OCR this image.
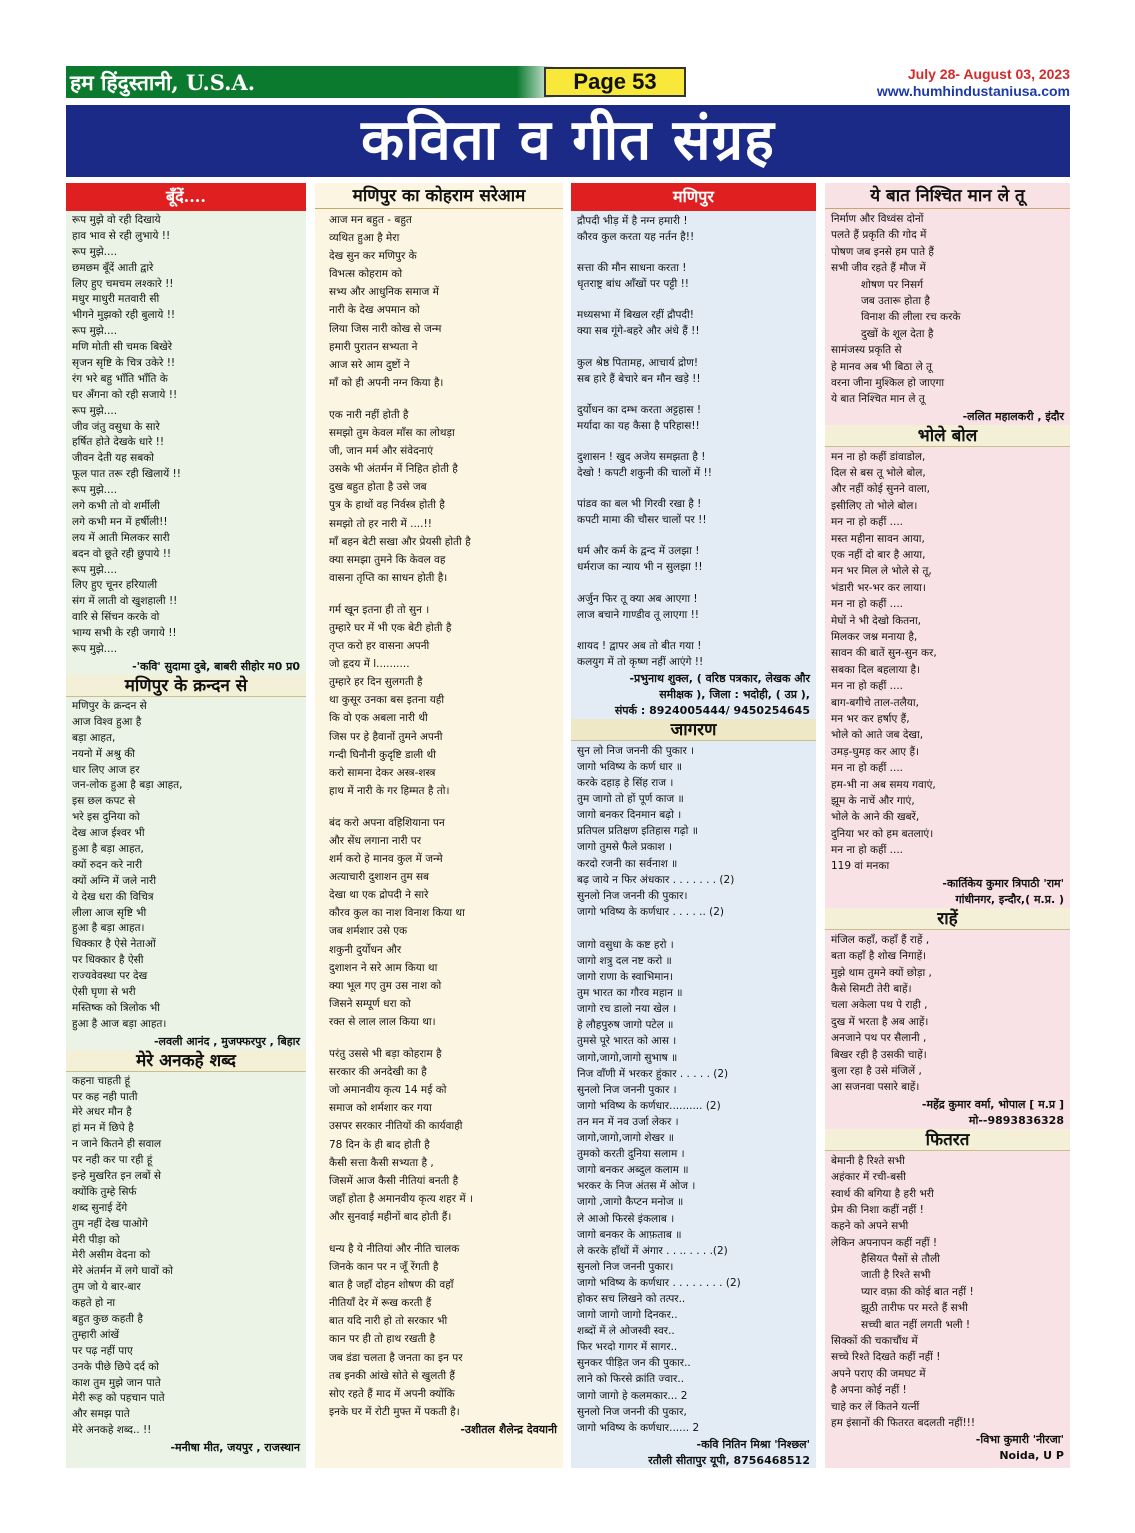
हम हिंदुस्तानी, U.S.A.	Page 53	July 28- August 03, 2023
www.humhindustaniusa.com
कविता व गीत संग्रह
बूँदें....
रूप मुझे वो रही दिखाये
हाव भाव से रही लुभाये !!
रूप मुझे....
छमछम बूँदें आती द्वारे
लिए हुए चमचम लश्कारे !!
मधुर माधुरी मतवारी सी
भीगने मुझको रही बुलाये !!
रूप मुझे....
मणि मोती सी चमक बिखेरे
सृजन सृष्टि के चित्र उकेरे !!
रंग भरे बहु भाँति भाँति के
घर अँगना को रही सजाये !!
रूप मुझे....
जीव जंतु वसुधा के सारे
हर्षित होते देखके धारे !!
जीवन देती यह सबको
फूल पात तरू रही खिलायें !!
रूप मुझे....
लगे कभी तो वो शर्मीली
लगे कभी मन में हर्षीली!!
लय में आती मिलकर सारी
बदन वो छूते रही छुपाये !!
रूप मुझे....
लिए हुए चूनर हरियाली
संग में लाती वो खुशहाली !!
वारि से सिंचन करके वो
भाग्य सभी के रही जगाये !!
रूप मुझे....
-'कवि' सुदामा दुबे, बाबरी सीहोर म0 प्र0
मणिपुर के क्रन्दन से
मणिपुर के क्रन्दन से
आज विश्व हुआ है
बड़ा आहत,
नयनो में अश्रु की
धार लिए आज हर
जन-लोक हुआ है बड़ा आहत,
इस छल कपट से
भरे इस दुनिया को
देख आज ईश्वर भी
हुआ है बड़ा आहत,
क्यों रुदन करे नारी
क्यों अग्नि में जले नारी
ये देख धरा की विचित्र
लीला आज सृष्टि भी
हुआ है बड़ा आहत।
धिक्कार है ऐसे नेताओं
पर धिक्कार है ऐसी
राज्यवेवस्था पर देख
ऐसी घृणा से भरी
मस्तिष्क को त्रिलोक भी
हुआ है आज बड़ा आहत।
-लवली आनंद , मुजफ्फरपुर , बिहार
मेरे अनकहे शब्द
कहना चाहती हूं
पर कह नही पाती
मेरे अधर मौन है
हां मन में छिपे है
न जाने कितने ही सवाल
पर नही कर पा रही हूं
इन्हे मुखरित इन लबों से
क्योंकि तुम्हे सिर्फ
शब्द सुनाई देंगे
तुम नहीं देख पाओगे
मेरी पीड़ा को
मेरी असीम वेदना को
मेरे अंतर्मन में लगे घावों को
तुम जो ये बार-बार
कहते हो ना
बहुत कुछ कहती है
तुम्हारी आंखें
पर पढ़ नहीं पाए
उनके पीछे छिपे दर्द को
काश तुम मुझे जान पाते
मेरी रूह को पहचान पाते
और समझ पाते
मेरे अनकहे शब्द.. !!
-मनीषा मीत, जयपुर , राजस्थान
मणिपुर का कोहराम सरेआम
आज मन बहुत - बहुत
व्यथित हुआ है मेरा
देख सुन कर मणिपुर के
विभत्स कोहराम को
सभ्य और आधुनिक समाज में
नारी के देख अपमान को
लिया जिस नारी कोख से जन्म
हमारी पुरातन सभ्यता ने
आज सरे आम दुष्टों ने
माँ को ही अपनी नग्न किया है।
एक नारी नहीं होती है
समझो तुम केवल माँस का लोथड़ा
जी, जान मर्म और संवेदनाएं
उसके भी अंतर्मन में निहित होती है
दुख बहुत होता है उसे जब
पुत्र के हाथों वह निर्वस्त्र होती है
समझो तो हर नारी में ....!!
माँ बहन बेटी सखा और प्रेयसी होती है
क्या समझा तुमने कि केवल वह
वासना तृप्ति का साधन होती है।
गर्म खून इतना ही तो सुन ।
तुम्हारे घर में भी एक बेटी होती है
तृप्त करो हर वासना अपनी
जो हृदय में l..........
तुम्हारे हर दिन सुलगती है
था कुसूर उनका बस इतना यही
कि वो एक अबला नारी थी
जिस पर हे हैवानों तुमने अपनी
गन्दी घिनौनी कुदृष्टि डाली थी
करो सामना देकर अस्त्र-शस्त्र
हाथ में नारी के गर हिम्मत है तो।
बंद करो अपना वहिशियाना पन
और सेंध लगाना नारी पर
शर्म करो हे मानव कुल में जन्मे
अत्याचारी दुशाशन तुम सब
देखा था एक द्रोपदी ने सारे
कौरव कुल का नाश विनाश किया था
जब शर्मशार उसे एक
शकुनी दुर्योधन और
दुशाशन ने सरे आम किया था
क्या भूल गए तुम उस नाश को
जिसने सम्पूर्ण धरा को
रक्त से लाल लाल किया था।
परंतु उससे भी बड़ा कोहराम है
सरकार की अनदेखी का है
जो अमानवीय कृत्य 14 मई को
समाज को शर्मशार कर गया
उसपर सरकार नीतियों की कार्यवाही
78 दिन के ही बाद होती है
कैसी सत्ता कैसी सभ्यता है ,
जिसमें आज कैसी नीतियां बनती है
जहाँ होता है अमानवीय कृत्य शहर में ।
और सुनवाई महीनों बाद होती हैं।
धन्य है ये नीतियां और नीति चालक
जिनके कान पर न जूँ रेंगती है
बात है जहाँ दोहन शोषण की वहाँ
नीतियाँ देर में रूख करती हैं
बात यदि नारी हो तो सरकार भी
कान पर ही तो हाथ रखती है
जब डंडा चलता है जनता का इन पर
तब इनकी आंखे सोते से खुलती हैं
सोए रहते हैं माद में अपनी क्योंकि
इनके घर में रोटी मुफ्त में पकती है।
-उशीतल शैलेन्द्र देवयानी
मणिपुर
द्रौपदी भीड़ में है नग्न हमारी !
कौरव कुल करता यह नर्तन है!!
सत्ता की मौन साधना करता !
धृतराष्ट्र बांध आँखों पर पट्टी !!
मध्यसभा में बिखल रहीं द्रौपदी!
क्या सब गूंगे-बहरे और अंधे हैं !!
कुल श्रेष्ठ पितामह, आचार्य द्रोण!
सब हारे हैं बेचारे बन मौन खड़े !!
दुर्योधन का दम्भ करता अट्टहास !
मर्यादा का यह कैसा है परिहास!!
दुशासन ! खुद अजेय समझता है !
देखो ! कपटी शकुनी की चालों में !!
पांडव का बल भी गिरवी रखा है !
कपटी मामा की चौसर चालों पर !!
धर्म और कर्म के द्वन्द में उलझा !
धर्मराज का न्याय भी न सुलझा !!
अर्जुन फिर तू क्या अब आएगा !
लाज बचाने गाण्डीव तू लाएगा !!
शायद ! द्वापर अब तो बीत गया !
कलयुग में तो कृष्ण नहीं आएंगे !!
-प्रभुनाथ शुक्ल, ( वरिष्ठ पत्रकार, लेखक और
समीक्षक ), जिला : भदोही, ( उप्र ),
संपर्क : 8924005444/ 9450254645
जागरण
सुन लो निज जननी की पुकार ।
जागो भविष्य के कर्ण धार ॥
करके दहाड़ हे सिंह राज ।
तुम जागो तो हों पूर्ण काज ॥
जागो बनकर दिनमान बढ़ो ।
प्रतिपल प्रतिक्षण इतिहास गढ़ो ॥
जागो तुमसे फैले प्रकाश ।
करदो रजनी का सर्वनाश ॥
बढ़ जाये न फिर अंधकार . . . . . . . (2)
सुनलो निज जननी की पुकार।
जागो भविष्य के कर्णधार . . . . .. (2)
जागो वसुधा के कष्ट हरो ।
जागो शत्रु दल नष्ट करो ॥
जागो राणा के स्वाभिमान।
तुम भारत का गौरव महान ॥
जागो रच डालो नया खेल ।
हे लौहपुरुष जागो पटेल ॥
तुमसे पूरे भारत को आस ।
जागो,जागो,जागो सुभाष ॥
निज वाँणी में भरकर हुंकार . . . . . (2)
सुनलो निज जननी पुकार ।
जागो भविष्य के कर्णधार.......... (2)
तन मन में नव उर्जा लेकर ।
जागो,जागो,जागो शेखर ॥
तुमको करती दुनिया सलाम ।
जागो बनकर अब्दुल कलाम ॥
भरकर के निज अंतस में ओज ।
जागो ,जागो कैप्टन मनोज ॥
ले आओ फिरसे इंकलाब ।
जागो बनकर के आफ़ताब ॥
ले करके हाँथों में अंगार . . .. . . . .(2)
सुनलो निज जननी पुकार।
जागो भविष्य के कर्णधार . . . . . . . . (2)
होकर सच लिखने को तत्पर..
जागो जागो जागो दिनकर..
शब्दों में ले ओजस्वी स्वर..
फिर भरदो गागर में सागर..
सुनकर पीड़ित जन की पुकार..
लाने को फिरसे क्रांति ज्वार..
जागो जागो हे कलमकार... 2
सुनलो निज जननी की पुकार,
जागो भविष्य के कर्णधार...... 2
-कवि नितिन मिश्रा 'निश्छल'
रतौली सीतापुर यूपी, 8756468512
ये बात निश्चित मान ले तू
निर्माण और विध्वंस दोनों
पलते हैं प्रकृति की गोद में
पोषण जब इनसे हम पाते हैं
सभी जीव रहते हैं मौज में
शोषण पर निसर्ग
जब उतारू होता है
विनाश की लीला रच करके
दुखों के शूल देता है
सामंजस्य प्रकृति से
हे मानव अब भी बिठा ले तू
वरना जीना मुश्किल हो जाएगा
ये बात निश्चित मान ले तू
-ललित महालकरी , इंदौर
भोले बोल
मन ना हो कहीं डांवाडोल,
दिल से बस तू भोले बोल,
और नहीं कोई सुनने वाला,
इसीलिए तो भोले बोल।
मन ना हो कहीं ....
मस्त महीना सावन आया,
एक नहीं दो बार है आया,
मन भर मिल ले भोले से तू,
भंडारी भर-भर कर लाया।
मन ना हो कहीं ....
मेघों ने भी देखो कितना,
मिलकर जश्न मनाया है,
सावन की बातें सुन-सुन कर,
सबका दिल बहलाया है।
मन ना हो कहीं ....
बाग-बगीचे ताल-तलैया,
मन भर कर हर्षाए हैं,
भोले को आते जब देखा,
उमड़-घुमड़ कर आए हैं।
मन ना हो कहीं ....
हम-भी ना अब समय गवाएं,
झूम के नाचें और गाएं,
भोले के आने की खबरें,
दुनिया भर को हम बतलाएं।
मन ना हो कहीं ....
119 वां मनका
-कार्तिकेय कुमार त्रिपाठी 'राम'
गांधीनगर, इन्दौर,( म.प्र. )
राहें
मंजिल कहाँ, कहाँ हैं राहें ,
बता कहाँ है शोख निगाहें।
मुझे थाम तुमने क्यों छोड़ा ,
कैसे सिमटी तेरी बाहें।
चला अकेला पथ पे राही ,
दुख में भरता है अब आहें।
अनजाने पथ पर सैलानी ,
बिखर रही है उसकी चाहें।
बुला रहा है उसे मंजिलें ,
आ सजनवा पसारे बाहें।
-महेंद्र कुमार वर्मा, भोपाल [ म.प्र ]
मो--9893836328
फितरत
बेमानी है रिश्ते सभी
अहंकार में रची-बसी
स्वार्थ की बगिया है हरी भरी
प्रेम की निशा कहीं नहीं !
कहने को अपने सभी
लेकिन अपनापन कहीं नहीं !
हैसियत पैसों से तौली
जाती है रिश्ते सभी
प्यार वफ़ा की कोई बात नहीं !
झूठी तारीफ पर मरते हैं सभी
सच्ची बात नहीं लगती भली !
सिक्कों की चकाचौंध में
सच्चे रिश्ते दिखते कहीं नहीं !
अपने पराए की जमघट में
है अपना कोई नहीं !
चाहे कर लें कितने यत्नीं
हम इंसानों की फितरत बदलती नहीं!!!
-विभा कुमारी 'नीरजा'
Noida, U P
